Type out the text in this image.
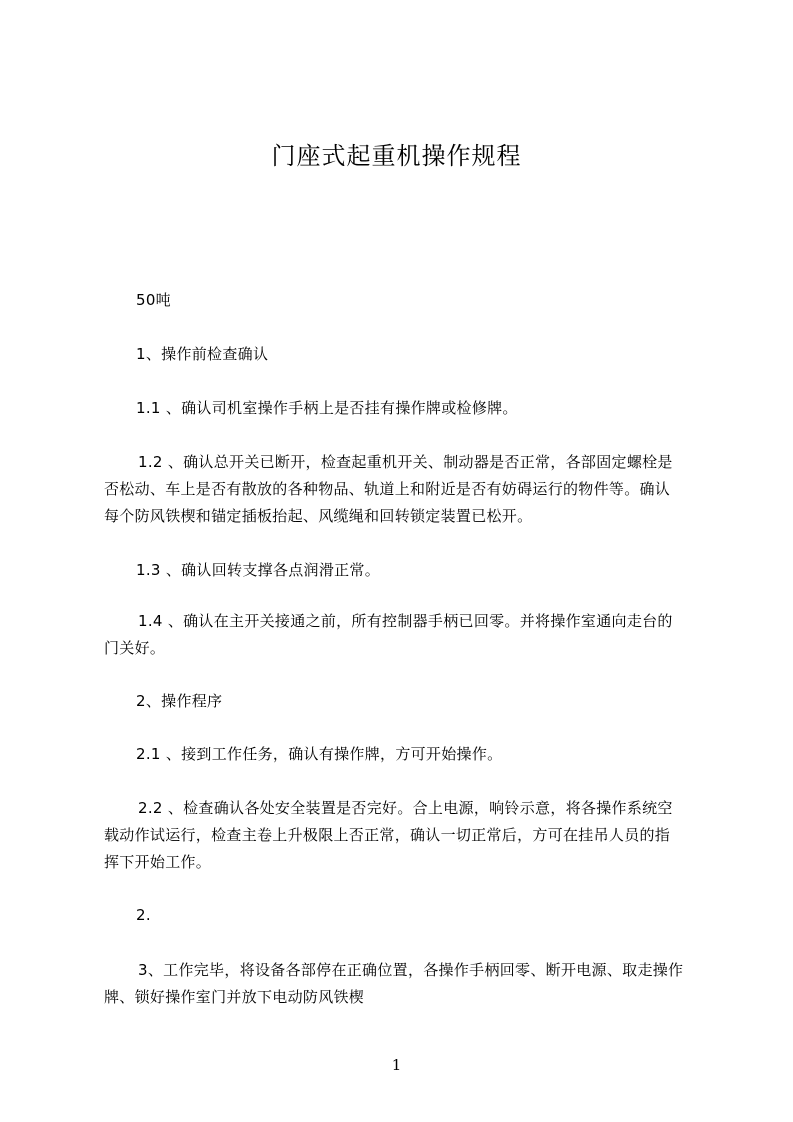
门座式起重机操作规程
50吨
1、操作前检查确认
1.1 、确认司机室操作手柄上是否挂有操作牌或检修牌。
1.2 、确认总开关已断开，检查起重机开关、制动器是否正常，各部固定螺栓是
否松动、车上是否有散放的各种物品、轨道上和附近是否有妨碍运行的物件等。确认
每个防风铁楔和锚定插板抬起、风缆绳和回转锁定装置已松开。
1.3 、确认回转支撑各点润滑正常。
1.4 、确认在主开关接通之前，所有控制器手柄已回零。并将操作室通向走台的
门关好。
2、操作程序
2.1 、接到工作任务，确认有操作牌，方可开始操作。
2.2 、检查确认各处安全装置是否完好。合上电源，响铃示意，将各操作系统空
载动作试运行，检查主卷上升极限上否正常，确认一切正常后，方可在挂吊人员的指
挥下开始工作。
2.
3、工作完毕，将设备各部停在正确位置，各操作手柄回零、断开电源、取走操作
牌、锁好操作室门并放下电动防风铁楔
1
